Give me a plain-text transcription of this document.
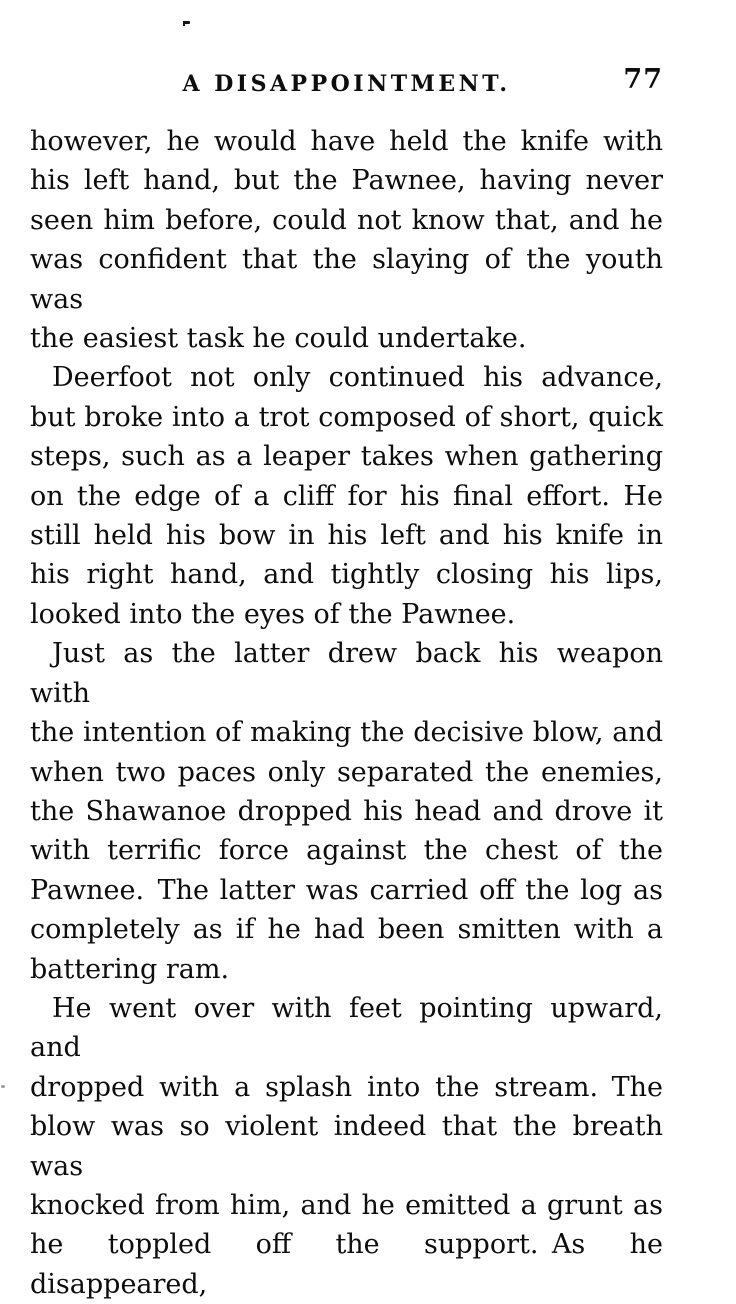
A DISAPPOINTMENT.	77
however, he would have held the knife with
his left hand, but the Pawnee, having never
seen him before, could not know that, and he
was confident that the slaying of the youth was
the easiest task he could undertake.
Deerfoot not only continued his advance,
but broke into a trot composed of short, quick
steps, such as a leaper takes when gathering
on the edge of a cliff for his final effort. He
still held his bow in his left and his knife in
his right hand, and tightly closing his lips,
looked into the eyes of the Pawnee.
Just as the latter drew back his weapon with
the intention of making the decisive blow, and
when two paces only separated the enemies,
the Shawanoe dropped his head and drove it
with terrific force against the chest of the
Pawnee. The latter was carried off the log as
completely as if he had been smitten with a
battering ram.
He went over with feet pointing upward, and
dropped with a splash into the stream. The
blow was so violent indeed that the breath was
knocked from him, and he emitted a grunt as
he toppled off the support. As he disappeared,
